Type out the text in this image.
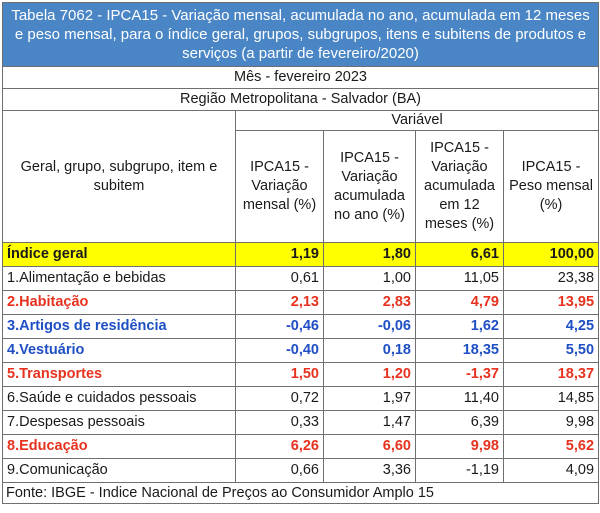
Tabela 7062 - IPCA15 - Variação mensal, acumulada no ano, acumulada em 12 meses e peso mensal, para o índice geral, grupos, subgrupos, itens e subitens de produtos e serviços (a partir de fevereiro/2020)				
Mês - fevereiro 2023				
Região Metropolitana - Salvador (BA)				
Geral, grupo, subgrupo, item e subitem	Variável			
	IPCA15 - Variação mensal (%)	IPCA15 - Variação acumulada no ano (%)	IPCA15 - Variação acumulada em 12 meses (%)	IPCA15 - Peso mensal (%)
Índice geral	1,19	1,80	6,61	100,00
1.Alimentação e bebidas	0,61	1,00	11,05	23,38
2.Habitação	2,13	2,83	4,79	13,95
3.Artigos de residência	-0,46	-0,06	1,62	4,25
4.Vestuário	-0,40	0,18	18,35	5,50
5.Transportes	1,50	1,20	-1,37	18,37
6.Saúde e cuidados pessoais	0,72	1,97	11,40	14,85
7.Despesas pessoais	0,33	1,47	6,39	9,98
8.Educação	6,26	6,60	9,98	5,62
9.Comunicação	0,66	3,36	-1,19	4,09
Fonte: IBGE - Indice Nacional de Preços ao Consumidor Amplo 15				
